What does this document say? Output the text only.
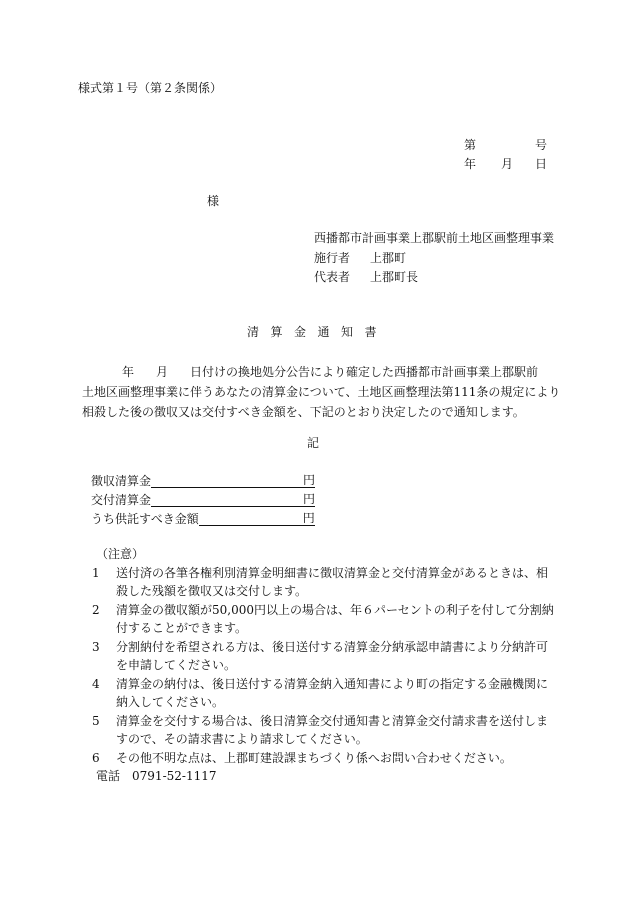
様式第１号（第２条関係）
第	号
年 月 日
様
西播都市計画事業上郡駅前土地区画整理事業
施行者 上郡町
代表者 上郡町長
清算金通知書
年 月 日付けの換地処分公告により確定した西播都市計画事業上郡駅前
土地区画整理事業に伴うあなたの清算金について、土地区画整理法第111条の規定により
相殺した後の徴収又は交付すべき金額を、下記のとおり決定したので通知します。
記
徴収清算金	円
交付清算金	円
うち供託すべき金額	円
（注意）

1 送付済の各筆各権利別清算金明細書に徴収清算金と交付清算金があるときは、相殺した残額を徴収又は交付します。

2 清算金の徴収額が50,000円以上の場合は、年６パーセントの利子を付して分割納付することができます。

3 分割納付を希望される方は、後日送付する清算金分納承認申請書により分納許可を申請してください。

4 清算金の納付は、後日送付する清算金納入通知書により町の指定する金融機関に納入してください。

5 清算金を交付する場合は、後日清算金交付通知書と清算金交付請求書を送付しますので、その請求書により請求してください。

6 その他不明な点は、上郡町建設課まちづくり係へお問い合わせください。

電話　 0791-52-1117
